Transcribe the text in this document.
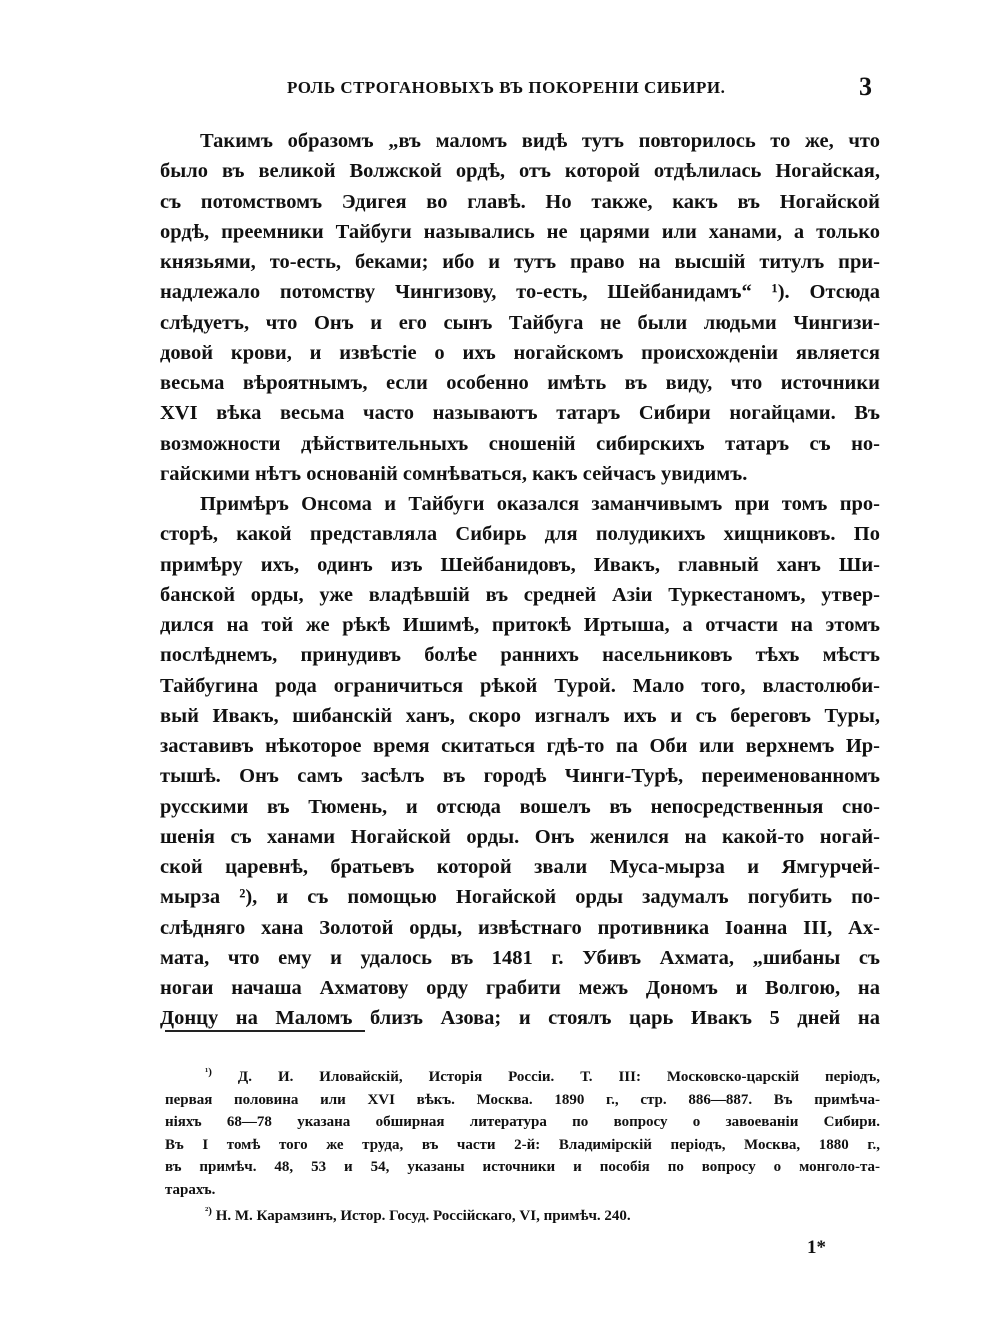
РОЛЬ СТРОГАНОВЫХЪ ВЪ ПОКОРЕНІИ СИБИРИ.	3
Такимъ образомъ „въ маломъ видѣ тутъ повторилось то же, что
было въ великой Волжской ордѣ, отъ которой отдѣлилась Ногайская,
съ потомствомъ Эдигея во главѣ. Но также, какъ въ Ногайской
ордѣ, преемники Тайбуги назывались не царями или ханами, а только
князьями, то-есть, беками; ибо и тутъ право на высшій титулъ при-
надлежало потомству Чингизову, то-есть, Шейбанидамъ“ ¹). Отсюда
слѣдуетъ, что Онъ и его сынъ Тайбуга не были людьми Чингизи-
довой крови, и извѣстіе о ихъ ногайскомъ происхожденіи является
весьма вѣроятнымъ, если особенно имѣть въ виду, что источники
XVI вѣка весьма часто называютъ татаръ Сибири ногайцами. Въ
возможности дѣйствительныхъ сношеній сибирскихъ татаръ съ но-
гайскими нѣтъ основаній сомнѣваться, какъ сейчасъ увидимъ.
Примѣръ Онсома и Тайбуги оказался заманчивымъ при томъ про-
сторѣ, какой представляла Сибирь для полудикихъ хищниковъ. По
примѣру ихъ, одинъ изъ Шейбанидовъ, Ивакъ, главный ханъ Ши-
банской орды, уже владѣвшій въ средней Азіи Туркестаномъ, утвер-
дился на той же рѣкѣ Ишимѣ, притокѣ Иртыша, а отчасти на этомъ
послѣднемъ, принудивъ болѣе раннихъ насельниковъ тѣхъ мѣстъ
Тайбугина рода ограничиться рѣкой Турой. Мало того, властолюби-
вый Ивакъ, шибанскій ханъ, скоро изгналъ ихъ и съ береговъ Туры,
заставивъ нѣкоторое время скитаться гдѣ-то па Оби или верхнемъ Ир-
тышѣ. Онъ самъ засѣлъ въ городѣ Чинги-Турѣ, переименованномъ
русскими въ Тюмень, и отсюда вошелъ въ непосредственныя сно-
шенія съ ханами Ногайской орды. Онъ женился на какой-то ногай-
ской царевнѣ, братьевъ которой звали Муса-мырза и Ямгурчей-
мырза ²), и съ помощью Ногайской орды задумалъ погубить по-
слѣдняго хана Золотой орды, извѣстнаго противника Іоанна III, Ах-
мата, что ему и удалось въ 1481 г. Убивъ Ахмата, „шибаны съ
ногаи начаша Ахматову орду грабити межъ Дономъ и Волгою, на
Донцу на Маломъ близъ Азова; и стоялъ царь Ивакъ 5 дней на
$^{^1)}$ Д. И. Иловайскій, Исторія Россіи. Т. III: Московско-царскій періодъ,
первая половина или XVI вѣкъ. Москва. 1890 г., стр. 886—887. Въ примѣча-
ніяхъ 68—78 указана обширная литература по вопросу о завоеваніи Сибири.
Въ I томѣ того же труда, въ части 2-й: Владимірскій періодъ, Москва, 1880 г.,
въ примѣч. 48, 53 и 54, указаны источники и пособія по вопросу о монголо-та-
тарахъ.
$^{^2)}$ Н. М. Карамзинъ, Истор. Госуд. Россійскаго, VI, примѣч. 240.
1*
